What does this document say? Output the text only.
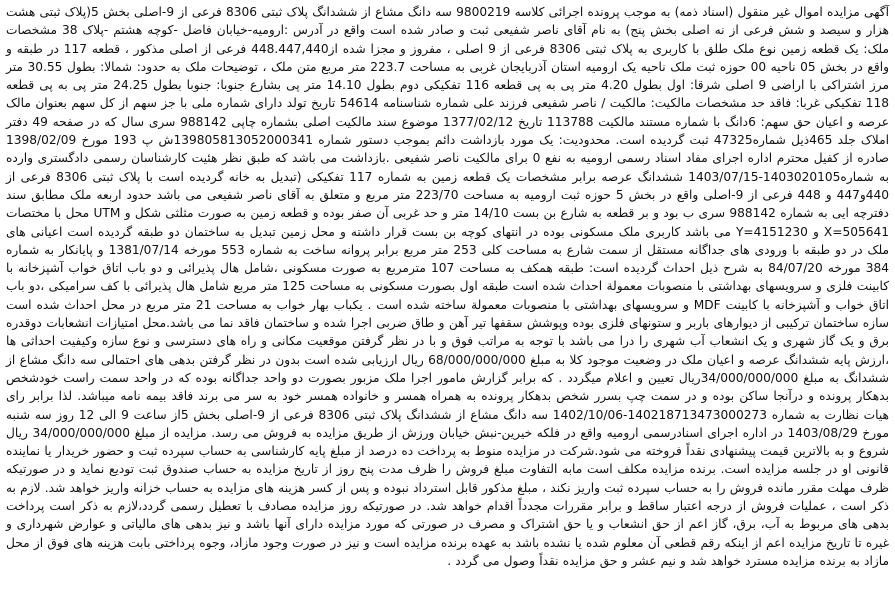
آگهی مزایده اموال غیر منقول (اسناد ذمه) به موجب پرونده اجرائی کلاسه 9800219 سه دانگ مشاع از ششدانگ پلاک ثبتی 8306 فرعی از 9-اصلی بخش 5(پلاک ثبتی هشت هزار و سیصد و شش فرعی از نه اصلی بخش پنج) به نام آقای ناصر شفیعی ثبت و صادر شده است واقع در آدرس :ارومیه-خیابان فاضل -کوچه هشتم -پلاک 38 مشخصات ملک: یک قطعه زمین نوع ملک طلق با کاربری به پلاک ثبتی 8306 فرعی از 9 اصلی ، مفروز و مجزا شده از448.447,440 فرعی از اصلی مذکور ، قطعه 117 در طبقه و واقع در بخش 05 ناحیه 00 حوزه ثبت ملک ناحیه یک ارومیه استان آذربایجان غربی به مساحت 223.7 متر مربع متن ملک ، توضیحات ملک به حدود: شمالا: بطول 30.55 متر مرز اشتراکی با اراضی 9 اصلی شرقا: اول بطول 4.20 متر پی به پی قطعه 116 تفکیکی دوم بطول 14.10 متر پی بشارع جنوبا: جنوبا بطول 24.25 متر پی به پی قطعه 118 تفکیکی غربا: فاقد حد مشخصات مالکیت: مالکیت / ناصر شفیعی فرزند علی شماره شناسنامه 54614 تاریخ تولد دارای شماره ملی با جز سهم از کل سهم بعنوان مالک عرصه و اعیان حق سهم: 6دانگ با شماره مستند مالکیت 113788 تاریخ 1377/02/12 موضوع سند مالکیت اصلی بشماره چاپی 988142 سری سال که در صفحه 49 دفتر املاک جلد 465ذیل شماره47325 ثبت گردیده است. محدودیت: یک مورد بازداشت دائم بموجب دستور شماره 139805813052000341ش پ 193 مورخ 1398/02/09 صادره از کفیل محترم اداره اجرای مفاد اسناد رسمی ارومیه به نفع 0 برای مالکیت ناصر شفیعی .بازداشت می باشد که طبق نظر هئیت کارشناسان رسمی دادگستری وارده به شماره1403020105-1403/07/15 ششدانگ عرصه برابر مشخصات یک قطعه زمین به شماره 117 تفکیکی (تبدیل به خانه گردیده است با پلاک ثبتی 8306 فرعی از 440و447 و 448 فرعی از 9-اصلی واقع در بخش 5 حوزه ثبت ارومیه به مساحت 223/70 متر مربع و متعلق به آقای ناصر شفیعی می باشد حدود اربعه ملک مطابق سند دفترچه ایی به شماره 988142 سری ب بود و بر قطعه به شارع بن بست 14/10 متر و حد غربی آن صفر بوده و قطعه زمین به صورت مثلثی شکل و UTM محل با مختصات X=505641 و Y=4151230 می باشد کاربری ملک مسکونی بوده در انتهای کوچه بن بست قرار داشته و محل زمین تبدیل به ساختمان دو طبقه گردیده است اعیانی های ملک در دو طبقه با ورودی های جداگانه مستقل از سمت شارع به مساحت کلی 253 متر مربع برابر پروانه ساخت به شماره 553 مورخه 1381/07/14 و پایانکار به شماره 384 مورخه 84/07/20 به شرح ذیل احداث گردیده است: طبقه همکف به مساحت 107 مترمربع به صورت مسکونی ،شامل هال پذیرائی و دو باب اتاق خواب آشپزخانه با کابینت فلزی و سرویسهای بهداشتی با منصوبات معمولة احداث شده است طبقه اول بصورت مسکونی به مساحت 125 متر مربع شامل هال پذیرائی با کف سرامیکی ،دو باب اتاق خواب و آشپزخانه با کابینت MDF و سرویسهای بهداشتی با منصوبات معمولة ساخته شده است . یکباب بهار خواب به مساحت 21 متر مربع در محل احداث شده است سازه ساختمان ترکیبی از دیوارهای باربر و ستونهای فلزی بوده وپوشش سقفها تیر آهن و طاق ضربی اجرا شده و ساختمان فاقد نما می باشد.محل امتیازات انشعابات دوقدره برق و یک گاز شهری و یک انشعاب آب شهری را درا می باشد با توجه به مراتب فوق و با در نظر گرفتن موقعیت مکانی و راه های دسترسی و نوع سازه وکیفیت احداثی ها ،ارزش پایه ششدانگ عرصه و اعیان ملک در وضعیت موجود کلا به مبلغ 68/000/000/000 ریال ارزیابی شده است بدون در نظر گرفتن بدهی های احتمالی سه دانگ مشاع از ششدانگ به مبلغ 34/000/000/000ریال تعیین و اعلام میگردد . که برابر گزارش مامور اجرا ملک مزبور بصورت دو واحد جداگانه بوده که در واحد سمت راست خودشخص بدهکار پرونده و درآنجا ساکن بوده و در سمت چپ بسرر شخص بدهکار پرونده به همراه همسر و خانواده همسر خود به سر می برند فاقد بیمه نامه میباشد. لذا برابر رای هیات نظارت به شماره 140218713473000273-1402/10/06 سه دانگ مشاع از ششدانگ پلاک ثبتی 8306 فرعی از 9-اصلی بخش 5از ساعت 9 الی 12 روز سه شنبه مورخ 1403/08/29 در اداره اجرای اسنادرسمی ارومیه واقع در فلکه خیرین-نبش خیابان ورزش از طریق مزایده به فروش می رسد. مزایده از مبلغ 34/000/000/000 ریال شروع و به بالاترین قیمت پیشنهادی نقداً فروخته می شود.شرکت در مزایده منوط به پرداخت ده درصد از مبلغ پایه کارشناسی به حساب سپرده ثبت و حضور خریدار یا نماینده قانونی او در جلسه مزایده است. برنده مزایده مکلف است مابه التفاوت مبلغ فروش را ظرف مدت پنج روز از تاریخ مزایده به حساب صندوق ثبت تودیع نماید و در صورتیکه ظرف مهلت مقرر مانده فروش را به حساب سپرده ثبت واریز نکند ، مبلغ مذکور قابل استرداد نبوده و پس از کسر هزینه های مزایده به حساب خزانه واریز خواهد شد. لازم به ذکر است ، عملیات فروش از درجه اعتبار ساقط و برابر مقررات مجدداً اقدام خواهد شد. در صورتیکه روز مزایده مصادف با تعطیل رسمی گردد،لازم به ذکر است پرداخت بدهی های مربوط به آب، برق، گاز اعم از حق انشعاب و یا حق اشتراک و مصرف در صورتی که مورد مزایده دارای آنها باشد و نیز بدهی های مالیاتی و عوارض شهرداری و غیره تا تاریخ مزایده اعم از اینکه رقم قطعی آن معلوم شده یا نشده باشد به عهده برنده مزایده است و نیز در صورت وجود مازاد، وجوه پرداختی بابت هزینه های فوق از محل مازاد به برنده مزایده مسترد خواهد شد و نیم عشر و حق مزایده نقداً وصول می گردد .
